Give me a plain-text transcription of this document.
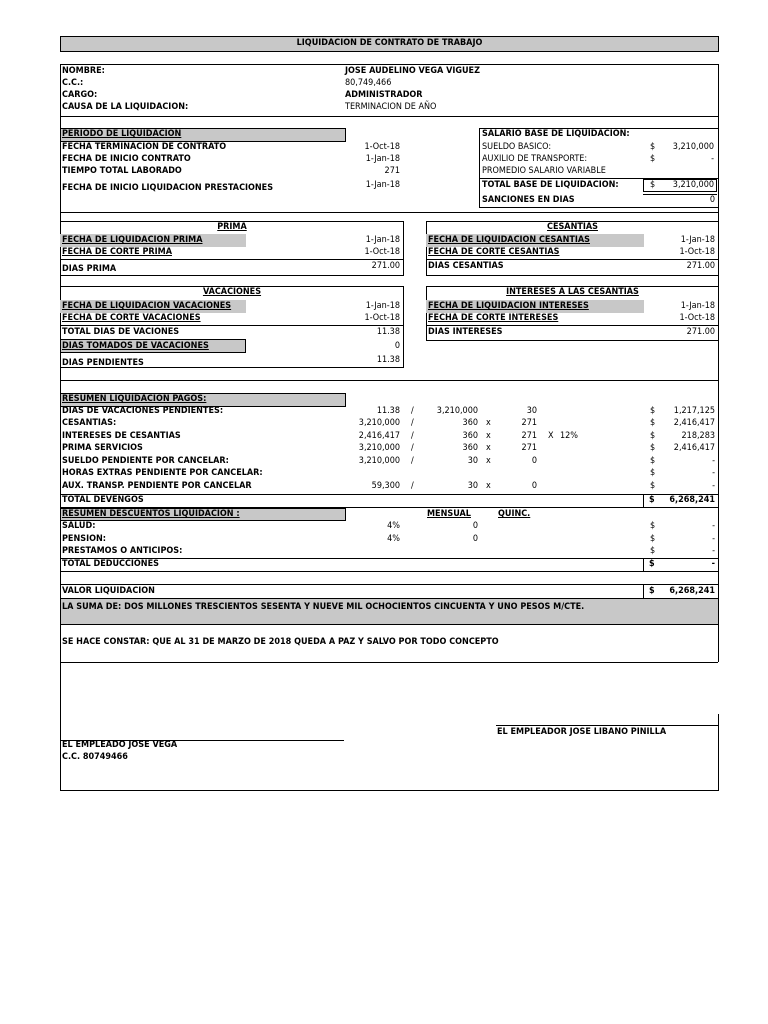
LIQUIDACION DE CONTRATO DE TRABAJO
NOMBRE:	JOSE AUDELINO VEGA VIGUEZ
C.C.:	80,749,466
CARGO:	ADMINISTRADOR
CAUSA DE LA LIQUIDACION:	TERMINACION DE AÑO
PERIODO DE LIQUIDACION
FECHA TERMINACION DE CONTRATO	1-Oct-18
FECHA DE INICIO CONTRATO	1-Jan-18
TIEMPO TOTAL LABORADO	271
FECHA DE INICIO LIQUIDACION PRESTACIONES	1-Jan-18
SALARIO BASE DE LIQUIDACION:
SUELDO BASICO:	$	3,210,000
AUXILIO DE TRANSPORTE:	$	-
PROMEDIO SALARIO VARIABLE
TOTAL BASE DE LIQUIDACION:	$	3,210,000
SANCIONES EN DIAS	0
PRIMA
FECHA DE LIQUIDACION PRIMA	1-Jan-18
FECHA DE CORTE PRIMA	1-Oct-18
DIAS PRIMA	271.00
CESANTIAS
FECHA DE LIQUIDACION CESANTIAS	1-Jan-18
FECHA DE CORTE CESANTIAS	1-Oct-18
DIAS CESANTIAS	271.00
VACACIONES
FECHA DE LIQUIDACION VACACIONES	1-Jan-18
FECHA DE CORTE VACACIONES	1-Oct-18
TOTAL DIAS DE VACIONES	11.38
DIAS TOMADOS DE VACACIONES	0
DIAS PENDIENTES	11.38
INTERESES A LAS CESANTIAS
FECHA DE LIQUIDACION INTERESES	1-Jan-18
FECHA DE CORTE INTERESES	1-Oct-18
DIAS INTERESES	271.00
RESUMEN LIQUIDACION PAGOS:
DIAS DE VACACIONES PENDIENTES:	11.38 /	3,210,000	30	$	1,217,125
CESANTIAS:	3,210,000 /	360 x	271	$	2,416,417
INTERESES DE CESANTIAS	2,416,417 /	360 x	271 X 12%	$	218,283
PRIMA SERVICIOS	3,210,000 /	360 x	271	$	2,416,417
SUELDO PENDIENTE POR CANCELAR:	3,210,000 /	30 x	0	$	-
HORAS EXTRAS PENDIENTE POR CANCELAR:	$	-
AUX. TRANSP. PENDIENTE POR CANCELAR	59,300 /	30 x	0	$	-
TOTAL DEVENGOS	$	6,268,241
RESUMEN DESCUENTOS LIQUIDACION :	MENSUAL	QUINC.
SALUD:	4%	0	$	-
PENSION:	4%	0	$	-
PRESTAMOS O ANTICIPOS:	$	-
TOTAL DEDUCCIONES	$	-
VALOR LIQUIDACION	$	6,268,241
LA SUMA DE: DOS MILLONES TRESCIENTOS SESENTA Y NUEVE MIL OCHOCIENTOS CINCUENTA Y UNO PESOS M/CTE.
SE HACE CONSTAR: QUE AL 31 DE MARZO DE 2018 QUEDA A PAZ Y SALVO POR TODO CONCEPTO
EL EMPLEADOR JOSE LIBANO PINILLA
EL EMPLEADO JOSE VEGA
C.C. 80749466
